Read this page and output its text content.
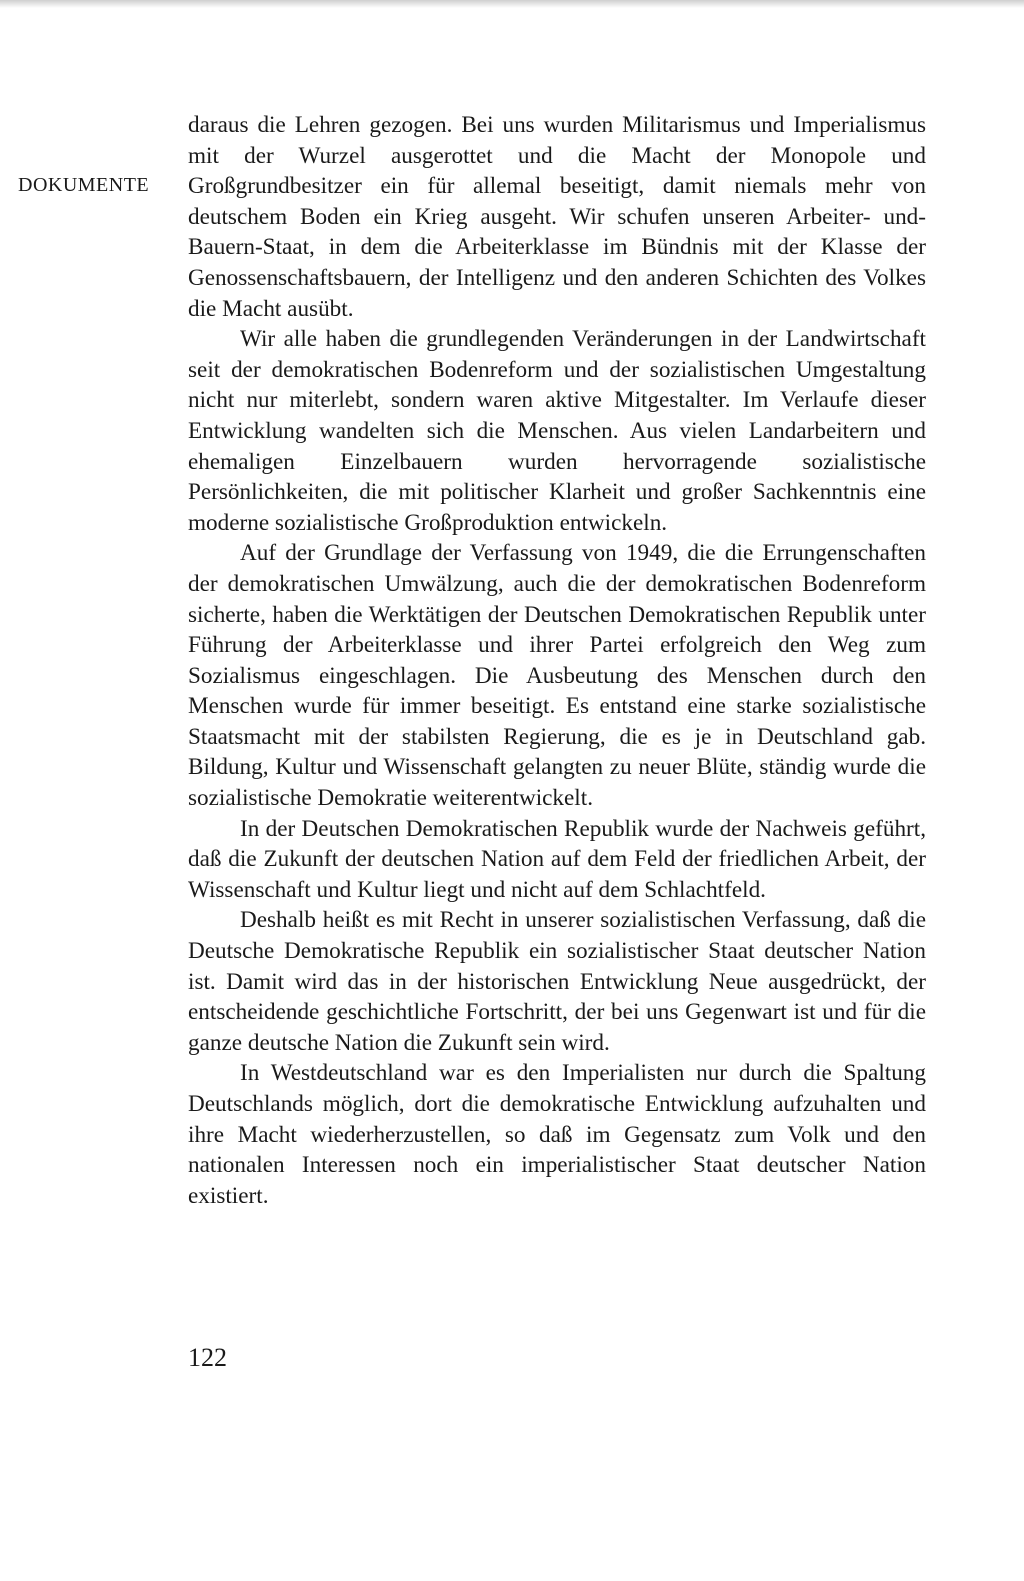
DOKUMENTE

daraus die Lehren gezogen. Bei uns wurden Militarismus und Imperialismus mit der Wurzel ausgerottet und die Macht der Monopole und Großgrundbesitzer ein für allemal beseitigt, damit niemals mehr von deutschem Boden ein Krieg ausgeht. Wir schufen unseren Arbeiter- und-Bauern-Staat, in dem die Arbeiterklasse im Bündnis mit der Klasse der Genossenschaftsbauern, der Intelligenz und den anderen Schichten des Volkes die Macht ausübt.

Wir alle haben die grundlegenden Veränderungen in der Landwirtschaft seit der demokratischen Bodenreform und der sozialistischen Umgestaltung nicht nur miterlebt, sondern waren aktive Mitgestalter. Im Verlaufe dieser Entwicklung wandelten sich die Menschen. Aus vielen Landarbeitern und ehemaligen Einzelbauern wurden hervorragende sozialistische Persönlichkeiten, die mit politischer Klarheit und großer Sachkenntnis eine moderne sozialistische Großproduktion entwickeln.

Auf der Grundlage der Verfassung von 1949, die die Errungenschaften der demokratischen Umwälzung, auch die der demokratischen Bodenreform sicherte, haben die Werktätigen der Deutschen Demokratischen Republik unter Führung der Arbeiterklasse und ihrer Partei erfolgreich den Weg zum Sozialismus eingeschlagen. Die Ausbeutung des Menschen durch den Menschen wurde für immer beseitigt. Es entstand eine starke sozialistische Staatsmacht mit der stabilsten Regierung, die es je in Deutschland gab. Bildung, Kultur und Wissenschaft gelangten zu neuer Blüte, ständig wurde die sozialistische Demokratie weiterentwickelt.

In der Deutschen Demokratischen Republik wurde der Nachweis geführt, daß die Zukunft der deutschen Nation auf dem Feld der friedlichen Arbeit, der Wissenschaft und Kultur liegt und nicht auf dem Schlachtfeld.

Deshalb heißt es mit Recht in unserer sozialistischen Verfassung, daß die Deutsche Demokratische Republik ein sozialistischer Staat deutscher Nation ist. Damit wird das in der historischen Entwicklung Neue ausgedrückt, der entscheidende geschichtliche Fortschritt, der bei uns Gegenwart ist und für die ganze deutsche Nation die Zukunft sein wird.

In Westdeutschland war es den Imperialisten nur durch die Spaltung Deutschlands möglich, dort die demokratische Entwicklung aufzuhalten und ihre Macht wiederherzustellen, so daß im Gegensatz zum Volk und den nationalen Interessen noch ein imperialistischer Staat deutscher Nation existiert.

122
